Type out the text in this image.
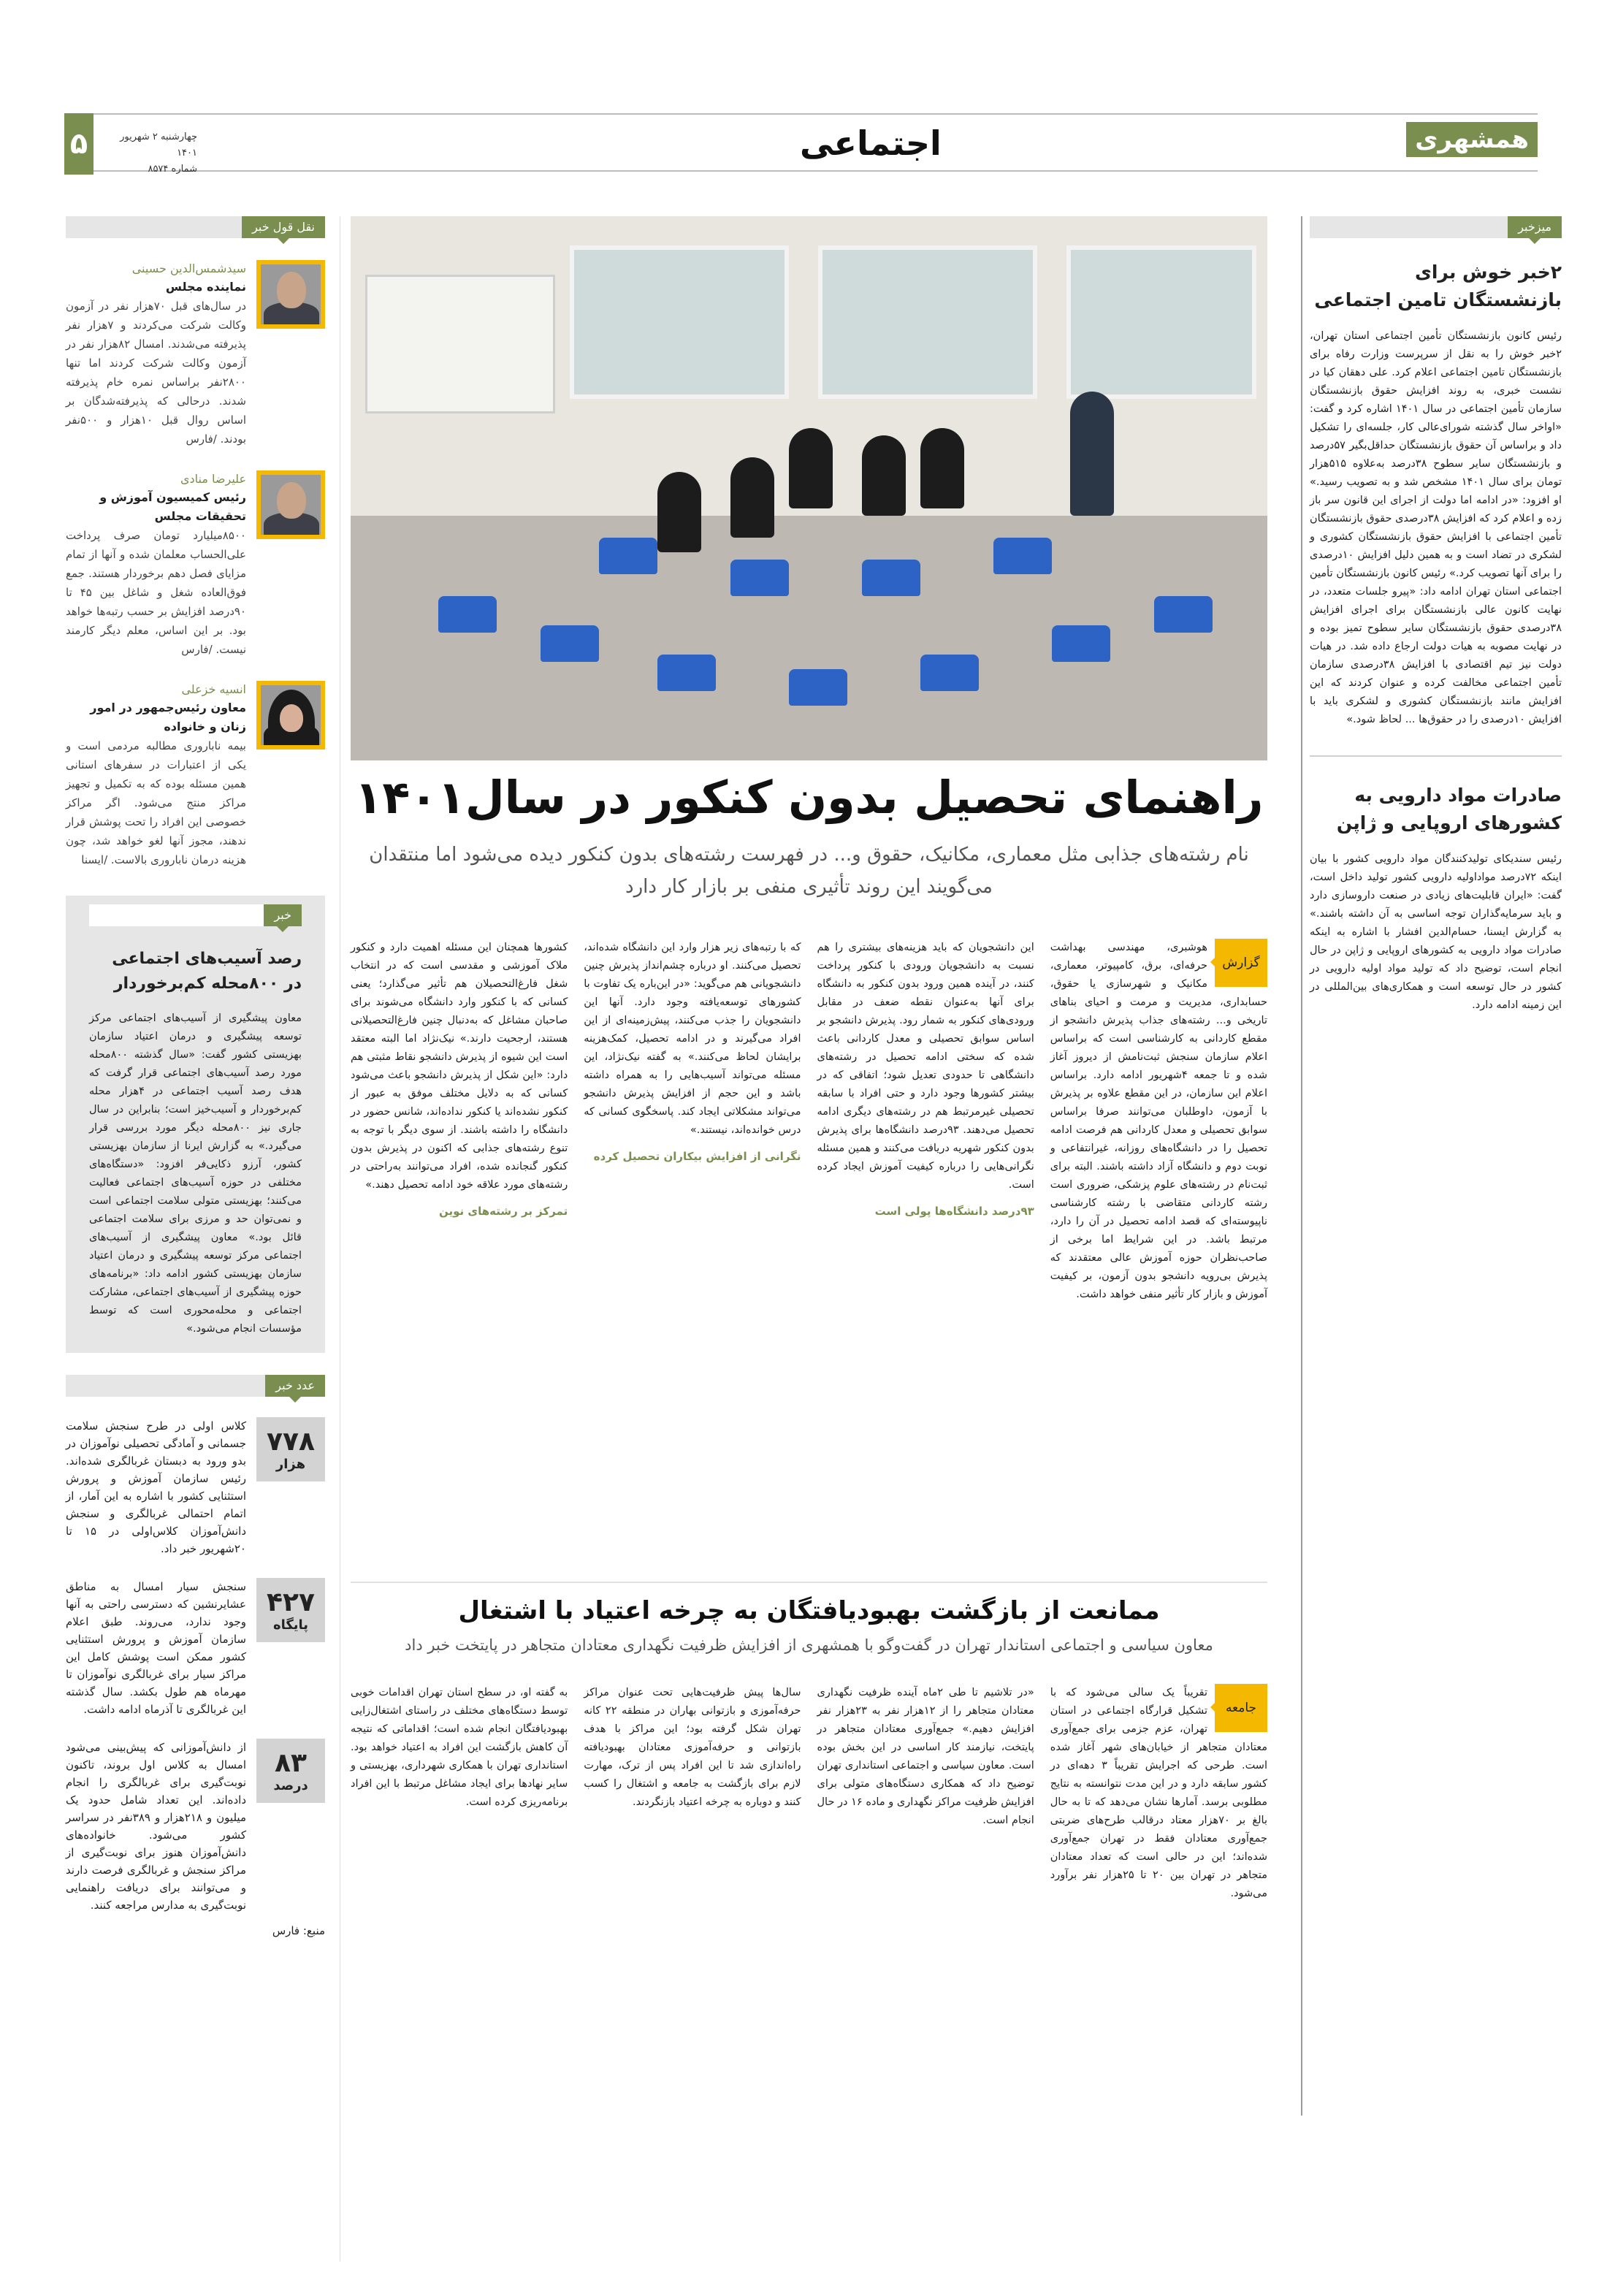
۵	چهارشنبه ۲ شهریور ۱۴۰۱
شماره ۸۵۷۴
اجتماعی	همشهری
میزخبر
۲خبر خوش برای بازنشستگان تامین اجتماعی

رئیس کانون بازنشستگان تأمین اجتماعی استان تهران، ۲خبر خوش را به نقل از سرپرست وزارت رفاه برای بازنشستگان تامین اجتماعی اعلام کرد. علی دهقان کیا در نشست خبری، به روند افزایش حقوق بازنشستگان سازمان تأمین اجتماعی در سال ۱۴۰۱ اشاره کرد و گفت: «اواخر سال گذشته شورای‌عالی کار، جلسه‌ای را تشکیل داد و براساس آن حقوق بازنشستگان حداقل‌بگیر ۵۷درصد و بازنشستگان سایر سطوح ۳۸درصد به‌علاوه ۵۱۵هزار تومان برای سال ۱۴۰۱ مشخص شد و به تصویب رسید.» او افزود: «در ادامه اما دولت از اجرای این قانون سر باز زده و اعلام کرد که افزایش ۳۸درصدی حقوق بازنشستگان تأمین اجتماعی با افزایش حقوق بازنشستگان کشوری و لشکری در تضاد است و به همین دلیل افزایش ۱۰درصدی را برای آنها تصویب کرد.» رئیس کانون بازنشستگان تأمین اجتماعی استان تهران ادامه داد: «پیرو جلسات متعدد، در نهایت کانون عالی بازنشستگان برای اجرای افزایش ۳۸درصدی حقوق بازنشستگان سایر سطوح تمیز بوده و در نهایت مصوبه به هیات دولت ارجاع داده شد. در هیات دولت نیز تیم اقتصادی با افزایش ۳۸درصدی سازمان تأمین اجتماعی مخالفت کرده و عنوان کردند که این افزایش مانند بازنشستگان کشوری و لشکری باید با افزایش ۱۰درصدی را در حقوق‌ها ... لحاظ شود.»

صادرات مواد دارویی به کشورهای اروپایی و ژاپن

رئیس سندیکای تولیدکنندگان مواد دارویی کشور با بیان اینکه ۷۲درصد مواداولیه دارویی کشور تولید داخل است، گفت: «ایران قابلیت‌های زیادی در صنعت داروسازی دارد و باید سرمایه‌گذاران توجه اساسی به آن داشته باشند.» به گزارش ایسنا، حسام‌الدین افشار با اشاره به اینکه صادرات مواد دارویی به کشورهای اروپایی و ژاپن در حال انجام است، توضیح داد که تولید مواد اولیه دارویی در کشور در حال توسعه است و همکاری‌های بین‌المللی در این زمینه ادامه دارد.

نقل قول خبر
سیدشمس‌الدین حسینی
نماینده مجلس

در سال‌های قبل ۷۰هزار نفر در آزمون وکالت شرکت می‌کردند و ۷هزار نفر پذیرفته می‌شدند. امسال ۸۲هزار نفر در آزمون وکالت شرکت کردند اما تنها ۲۸۰۰نفر براساس نمره خام پذیرفته شدند. درحالی که پذیرفته‌شدگان بر اساس روال قبل ۱۰هزار و ۵۰۰نفر بودند. /فارس

علیرضا منادی
رئیس کمیسیون آموزش و تحقیقات مجلس

۸۵۰۰میلیارد تومان صرف پرداخت علی‌الحساب معلمان شده و آنها از تمام مزایای فصل دهم برخوردار هستند. جمع فوق‌العاده شغل و شاغل بین ۴۵ تا ۹۰درصد افزایش بر حسب رتبه‌ها خواهد بود. بر این اساس، معلم دیگر کارمند نیست. /فارس

انسیه خزعلی
معاون رئیس‌جمهور در امور زنان و خانواده

بیمه ناباروری مطالبه مردمی است و یکی از اعتبارات در سفرهای استانی همین مسئله بوده که به تکمیل و تجهیز مراکز منتج می‌شود. اگر مراکز خصوصی این افراد را تحت پوشش قرار ندهند، مجوز آنها لغو خواهد شد، چون هزینه درمان ناباروری بالاست. /ایسنا

خبر
رصد آسیب‌های اجتماعی در ۸۰۰محله کم‌برخوردار

معاون پیشگیری از آسیب‌های اجتماعی مرکز توسعه پیشگیری و درمان اعتیاد سازمان بهزیستی کشور گفت: «سال گذشته ۸۰۰محله مورد رصد آسیب‌های اجتماعی قرار گرفت که هدف رصد آسیب اجتماعی در ۴هزار محله کم‌برخوردار و آسیب‌خیز است؛ بنابراین در سال جاری نیز ۸۰۰محله دیگر مورد بررسی قرار می‌گیرد.» به گزارش ایرنا از سازمان بهزیستی کشور، آرزو ذکایی‌فر افزود: «دستگاه‌های مختلفی در حوزه آسیب‌های اجتماعی فعالیت می‌کنند؛ بهزیستی متولی سلامت اجتماعی است و نمی‌توان حد و مرزی برای سلامت اجتماعی قائل بود.» معاون پیشگیری از آسیب‌های اجتماعی مرکز توسعه پیشگیری و درمان اعتیاد سازمان بهزیستی کشور ادامه داد: «برنامه‌های حوزه پیشگیری از آسیب‌های اجتماعی، مشارکت اجتماعی و محله‌محوری است که توسط مؤسسات انجام می‌شود.»

عدد خبر
۷۷۸
هزار

کلاس اولی در طرح سنجش سلامت جسمانی و آمادگی تحصیلی نوآموزان در بدو ورود به دبستان غربالگری شده‌اند. رئیس سازمان آموزش و پرورش استثنایی کشور با اشاره به این آمار، از اتمام احتمالی غربالگری و سنجش دانش‌آموزان کلاس‌اولی در ۱۵ تا ۲۰شهریور خبر داد.

۴۲۷
پایگاه

سنجش سیار امسال به مناطق عشایرنشین که دسترسی راحتی به آنها وجود ندارد، می‌روند. طبق اعلام سازمان آموزش و پرورش استثنایی کشور ممکن است پوشش کامل این مراکز سیار برای غربالگری نوآموزان تا مهرماه هم طول بکشد. سال گذشته این غربالگری تا آذرماه ادامه داشت.

۸۳
درصد

از دانش‌آموزانی که پیش‌بینی می‌شود امسال به کلاس اول بروند، تاکنون نوبت‌گیری برای غربالگری را انجام داده‌اند. این تعداد شامل حدود یک میلیون و ۲۱۸هزار و ۳۸۹نفر در سراسر کشور می‌شود. خانواده‌های دانش‌آموزان هنوز برای نوبت‌گیری از مراکز سنجش و غربالگری فرصت دارند و می‌توانند برای دریافت راهنمایی نوبت‌گیری به مدارس مراجعه کنند.

منبع: فارس
راهنمای تحصیل بدون کنکور در سال۱۴۰۱

نام رشته‌های جذابی مثل معماری، مکانیک، حقوق و... در فهرست رشته‌های بدون کنکور دیده می‌شود اما منتقدان می‌گویند این روند تأثیری منفی بر بازار کار دارد

گزارش
هوشبری، مهندسی بهداشت حرفه‌ای، برق، کامپیوتر، معماری، مکانیک و شهرسازی یا حقوق، حسابداری، مدیریت و مرمت و احیای بناهای تاریخی و... رشته‌های جذاب پذیرش دانشجو از مقطع کاردانی به کارشناسی است که براساس اعلام سازمان سنجش ثبت‌نامش از دیروز آغاز شده و تا جمعه ۴شهریور ادامه دارد. براساس اعلام این سازمان، در این مقطع علاوه بر پذیرش با آزمون، داوطلبان می‌توانند صرفا براساس سوابق تحصیلی و معدل کاردانی هم فرصت ادامه تحصیل را در دانشگاه‌های روزانه، غیرانتفاعی و نوبت دوم و دانشگاه آزاد داشته باشند. البته برای ثبت‌نام در رشته‌های علوم پزشکی، ضروری است رشته کاردانی متقاضی با رشته کارشناسی ناپیوسته‌ای که قصد ادامه تحصیل در آن را دارد، مرتبط باشد. در این شرایط اما برخی از صاحب‌نظران حوزه آموزش عالی معتقدند که پذیرش بی‌رویه دانشجو بدون آزمون، بر کیفیت آموزش و بازار کار تأثیر منفی خواهد داشت.
این دانشجویان که باید هزینه‌های بیشتری را هم نسبت به دانشجویان ورودی با کنکور پرداخت کنند، در آینده همین ورود بدون کنکور به دانشگاه برای آنها به‌عنوان نقطه ضعف در مقابل ورودی‌های کنکور به شمار رود. پذیرش دانشجو بر اساس سوابق تحصیلی و معدل کاردانی باعث شده که سختی ادامه تحصیل در رشته‌های دانشگاهی تا حدودی تعدیل شود؛ اتفاقی که در بیشتر کشورها وجود دارد و حتی افراد با سابقه تحصیلی غیرمرتبط هم در رشته‌های دیگری ادامه تحصیل می‌دهند. ۹۳درصد دانشگاه‌ها برای پذیرش بدون کنکور شهریه دریافت می‌کنند و همین مسئله نگرانی‌هایی را درباره کیفیت آموزش ایجاد کرده است.
۹۳درصد دانشگاه‌ها پولی است
که با رتبه‌های زیر هزار وارد این دانشگاه شده‌اند، تحصیل می‌کنند. او درباره چشم‌انداز پذیرش چنین دانشجویانی هم می‌گوید: «در این‌باره یک تفاوت با کشورهای توسعه‌یافته وجود دارد. آنها این دانشجویان را جذب می‌کنند، پیش‌زمینه‌ای از این افراد می‌گیرند و در ادامه تحصیل، کمک‌هزینه برایشان لحاظ می‌کنند.» به گفته نیک‌نژاد، این مسئله می‌تواند آسیب‌هایی را به همراه داشته باشد و این حجم از افزایش پذیرش دانشجو می‌تواند مشکلاتی ایجاد کند. پاسخگوی کسانی که درس خوانده‌اند، نیستند.»
نگرانی از افزایش بیکاران تحصیل کرده
کشورها همچنان این مسئله اهمیت دارد و کنکور ملاک آموزشی و مقدسی است که در انتخاب شغل فارغ‌التحصیلان هم تأثیر می‌گذارد؛ یعنی کسانی که با کنکور وارد دانشگاه می‌شوند برای صاحبان مشاغل که به‌دنبال چنین فارغ‌التحصیلانی هستند، ارجحیت دارند.» نیک‌نژاد اما البته معتقد است این شیوه از پذیرش دانشجو نقاط مثبتی هم دارد: «این شکل از پذیرش دانشجو باعث می‌شود کسانی که به دلایل مختلف موفق به عبور از کنکور نشده‌اند یا کنکور نداده‌اند، شانس حضور در دانشگاه را داشته باشند. از سوی دیگر با توجه به تنوع رشته‌های جذابی که اکنون در پذیرش بدون کنکور گنجانده شده، افراد می‌توانند به‌راحتی در رشته‌های مورد علاقه خود ادامه تحصیل دهند.»
تمرکز بر رشته‌های نوین
ممانعت از بازگشت بهبودیافتگان به چرخه اعتیاد با اشتغال

معاون سیاسی و اجتماعی استاندار تهران در گفت‌وگو با همشهری از افزایش ظرفیت نگهداری معتادان متجاهر در پایتخت خبر داد

جامعه
تقریباً یک سالی می‌شود که با تشکیل قرارگاه اجتماعی در استان تهران، عزم جزمی برای جمع‌آوری معتادان متجاهر از خیابان‌های شهر آغاز شده است. طرحی که اجرایش تقریباً ۳ دهه‌ای در کشور سابقه دارد و در این مدت نتوانسته به نتایج مطلوبی برسد. آمارها نشان می‌دهد که تا به حال بالغ بر ۷۰هزار معتاد درقالب طرح‌های ضربتی جمع‌آوری معتادان فقط در تهران جمع‌آوری شده‌اند؛ این در حالی است که تعداد معتادان متجاهر در تهران بین ۲۰ تا ۲۵هزار نفر برآورد می‌شود.
«در تلاشیم تا طی ۲ماه آینده ظرفیت نگهداری معتادان متجاهر را از ۱۲هزار نفر به ۲۳هزار نفر افزایش دهیم.» جمع‌آوری معتادان متجاهر در پایتخت، نیازمند کار اساسی در این بخش بوده است. معاون سیاسی و اجتماعی استانداری تهران توضیح داد که همکاری دستگاه‌های متولی برای افزایش ظرفیت مراکز نگهداری و ماده ۱۶ در حال انجام است.
سال‌ها پیش ظرفیت‌هایی تحت عنوان مراکز حرفه‌آموزی و بازتوانی بهاران در منطقه ۲۲ کانه تهران شکل گرفته بود؛ این مراکز با هدف بازتوانی و حرفه‌آموزی معتادان بهبودیافته راه‌اندازی شد تا این افراد پس از ترک، مهارت لازم برای بازگشت به جامعه و اشتغال را کسب کنند و دوباره به چرخه اعتیاد بازنگردند.
به گفته او، در سطح استان تهران اقدامات خوبی توسط دستگاه‌های مختلف در راستای اشتغال‌زایی بهبودیافتگان انجام شده است؛ اقداماتی که نتیجه آن کاهش بازگشت این افراد به اعتیاد خواهد بود. استانداری تهران با همکاری شهرداری، بهزیستی و سایر نهادها برای ایجاد مشاغل مرتبط با این افراد برنامه‌ریزی کرده است.
